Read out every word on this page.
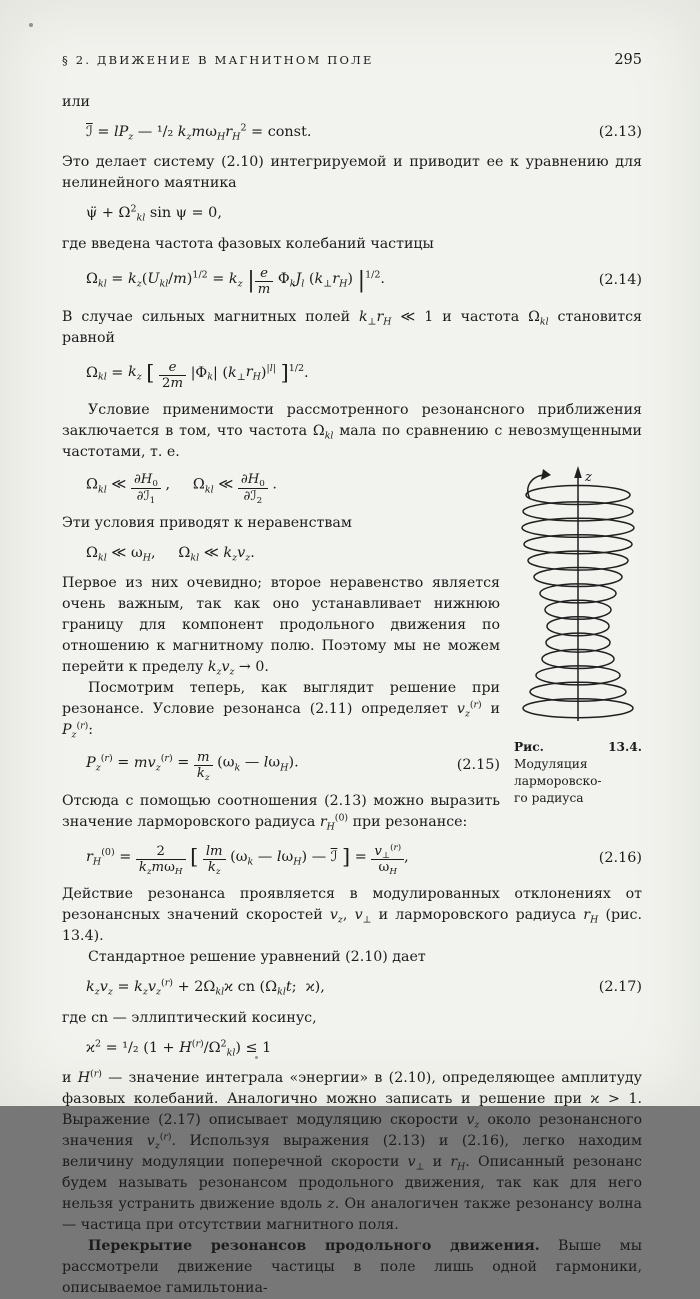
§ 2. ДВИЖЕНИЕ В МАГНИТНОМ ПОЛЕ	295

или

ℐ = $lP_z$ — ¹/₂ $k_zm\omega_Hr_H^2$ = const.	(2.13)

Это делает систему (2.10) интегрируемой и приводит ее к уравнению для нелинейного маятника

ψ̈ + $\Omega^2_{kl}$ sin ψ = 0,

где введена частота фазовых колебаний частицы

$\Omega_{kl} = k_z(U_{kl}/m)^{1/2} = k_z$ | $\frac{e}{m} \Phi_kJ_l$ $(k_\perp r_H)$ $|^{1/2}$.	(2.14)

В случае сильных магнитных полей $k_\perp r_H$ ≪ 1 и частота $\Omega_{kl}$ становится равной

$\Omega_{kl} = k_z$ [ $\frac{e}{2m} |\Phi_k|$ $(k_\perp r_H)^{|l|}$ ]$^{1/2}$.

Условие применимости рассмотренного резонансного приближения заключается в том, что частота $\Omega_{kl}$ мала по сравнению с невозмущенными частотами, т. е.

z
Рис.	13.4.
Модуляция
ларморовско-
го радиуса
$\Omega_{kl}$ ≪ $\frac{\partial H_0}{\partial ℐ_1}$ ,     $\Omega_{kl}$ ≪ $\frac{\partial H_0}{\partial ℐ_2}$ .

Эти условия приводят к неравенствам

$\Omega_{kl}$ ≪ $\omega_H$,     $\Omega_{kl}$ ≪ $k_zv_z$.

Первое из них очевидно; второе неравенство является очень важным, так как оно устанавливает нижнюю границу для компонент продольного движения по отношению к магнитному полю. Поэтому мы не можем перейти к пределу $k_zv_z \to 0$.

Посмотрим теперь, как выглядит решение при резонансе. Условие резонанса (2.11) определяет $v_z^{(r)}$ и $P_z^{(r)}$:

$P_z^{(r)} = mv_z^{(r)} = \frac{m}{k_z} (\omega_k$ — $l\omega_H$).	(2.15)

Отсюда с помощью соотношения (2.13) можно выразить значение ларморовского радиуса $r_H^{(0)}$ при резонансе:

$r_H^{(0)} = \frac{2}{k_zm\omega_H}$ [ $\frac{lm}{k_z} (\omega_k$ — $l\omega_H$) — ℐ ] = $\frac{v_\perp^{(r)}}{\omega_H}$ ,	(2.16)

Действие резонанса проявляется в модулированных отклонениях от резонансных значений скоростей $v_z$, $v_\perp$ и ларморовского радиуса $r_H$ (рис. 13.4).

Стандартное решение уравнений (2.10) дает

$k_zv_z = k_zv_z^{(r)} + 2\Omega_{kl}ϰ$ cn ($\Omega_{kl}t$;  ϰ),	(2.17)

где cn — эллиптический косинус,

$ϰ^2 = ^1/_2$ $(1 + H^{(r)}/\Omega^2_{kl}) \le 1$

и $H^{(r)}$ — значение интеграла «энергии» в (2.10), определяющее амплитуду фазовых колебаний. Аналогично можно записать и решение при ϰ > 1. Выражение (2.17) описывает модуляцию скорости $v_z$ около резонансного значения $v_z^{(r)}$. Используя выражения (2.13) и (2.16), легко находим величину модуляции поперечной скорости $v_\perp$ и $r_H$. Описанный резонанс будем называть резонансом продольного движения, так как для него нельзя устранить движение вдоль z. Он аналогичен также резонансу волна — частица при отсутствии магнитного поля.

Перекрытие резонансов продольного движения. Выше мы рассмотрели движение частицы в поле лишь одной гармоники, описываемое гамильтониа-
